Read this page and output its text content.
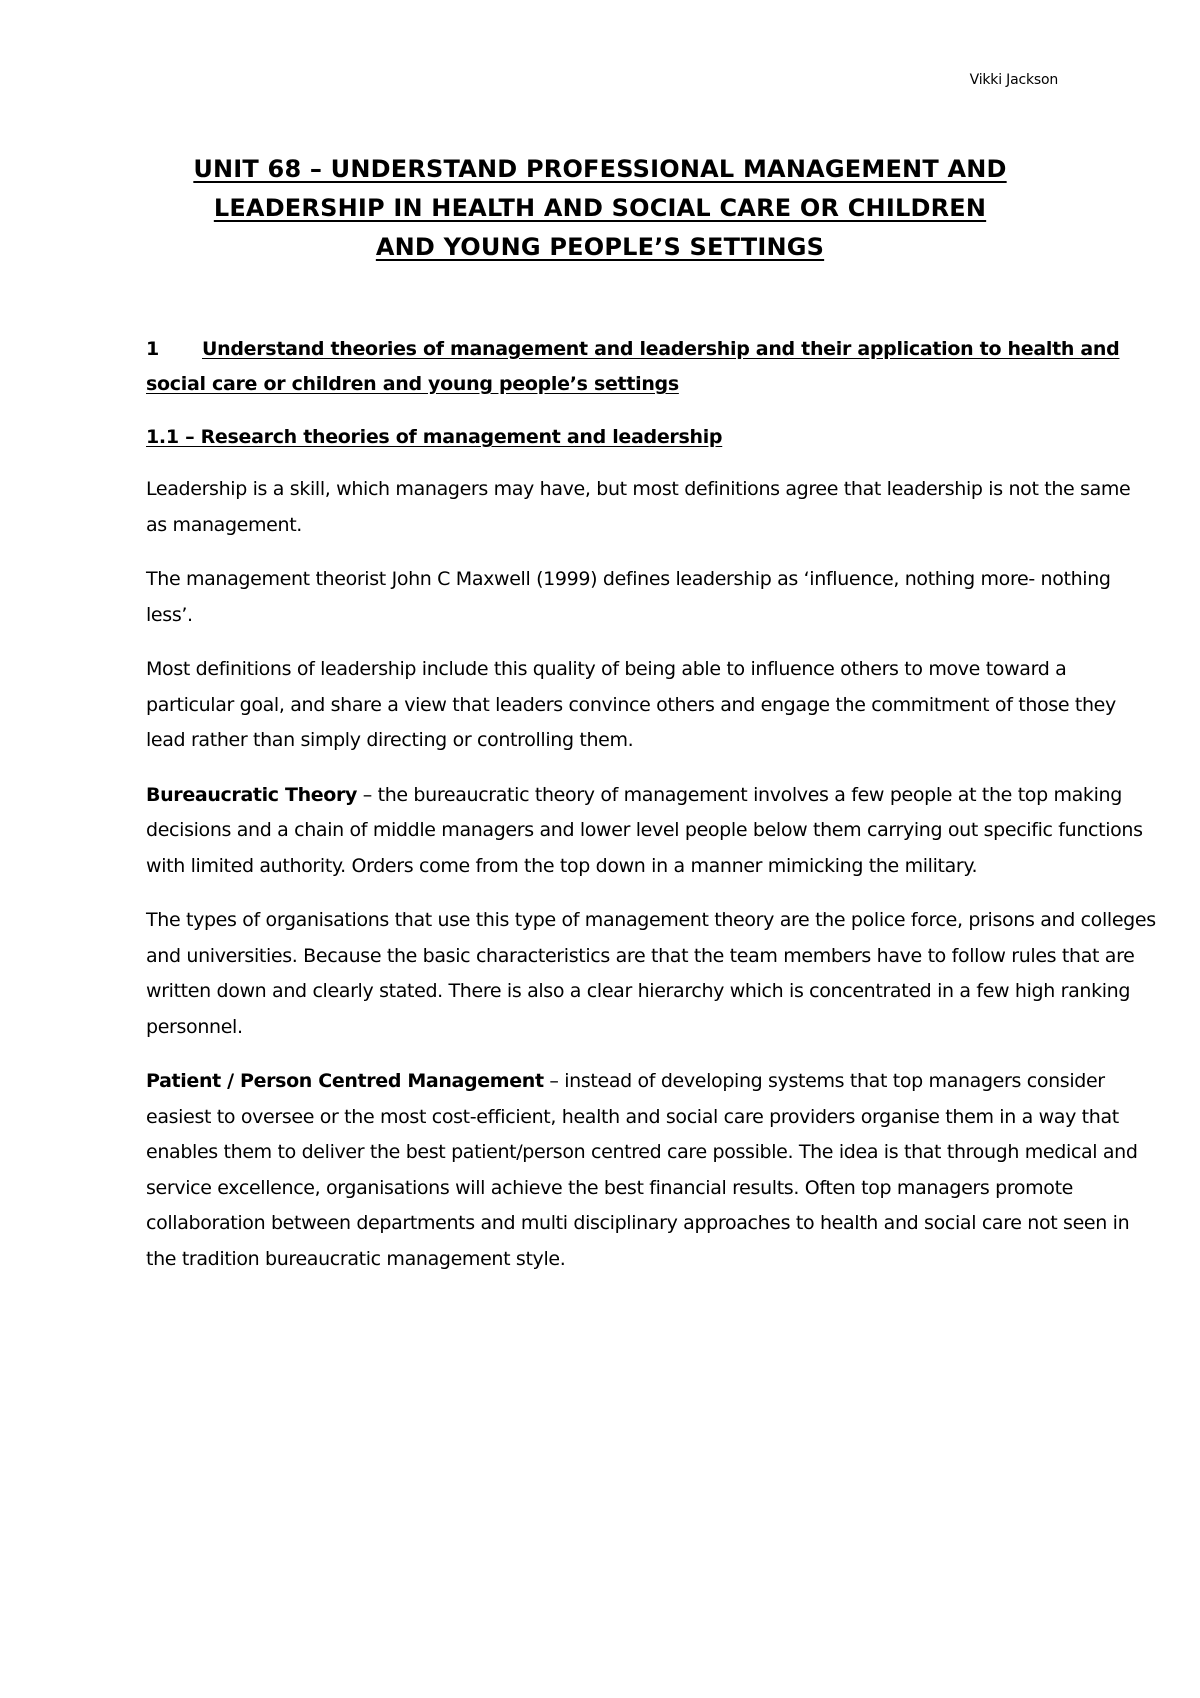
Vikki Jackson
UNIT 68 – UNDERSTAND PROFESSIONAL MANAGEMENT AND
LEADERSHIP IN HEALTH AND SOCIAL CARE OR CHILDREN
AND YOUNG PEOPLE’S SETTINGS
1 Understand theories of management and leadership and their application to health and social care or children and young people’s settings
1.1 – Research theories of management and leadership

Leadership is a skill, which managers may have, but most definitions agree that leadership is not the same as management.

The management theorist John C Maxwell (1999) defines leadership as ‘influence, nothing more- nothing less’.

Most definitions of leadership include this quality of being able to influence others to move toward a particular goal, and share a view that leaders convince others and engage the commitment of those they lead rather than simply directing or controlling them.

Bureaucratic Theory – the bureaucratic theory of management involves a few people at the top making decisions and a chain of middle managers and lower level people below them carrying out specific functions with limited authority. Orders come from the top down in a manner mimicking the military.

The types of organisations that use this type of management theory are the police force, prisons and colleges and universities. Because the basic characteristics are that the team members have to follow rules that are written down and clearly stated. There is also a clear hierarchy which is concentrated in a few high ranking personnel.

Patient / Person Centred Management – instead of developing systems that top managers consider easiest to oversee or the most cost-efficient, health and social care providers organise them in a way that enables them to deliver the best patient/person centred care possible. The idea is that through medical and service excellence, organisations will achieve the best financial results. Often top managers promote collaboration between departments and multi disciplinary approaches to health and social care not seen in the tradition bureaucratic management style.
